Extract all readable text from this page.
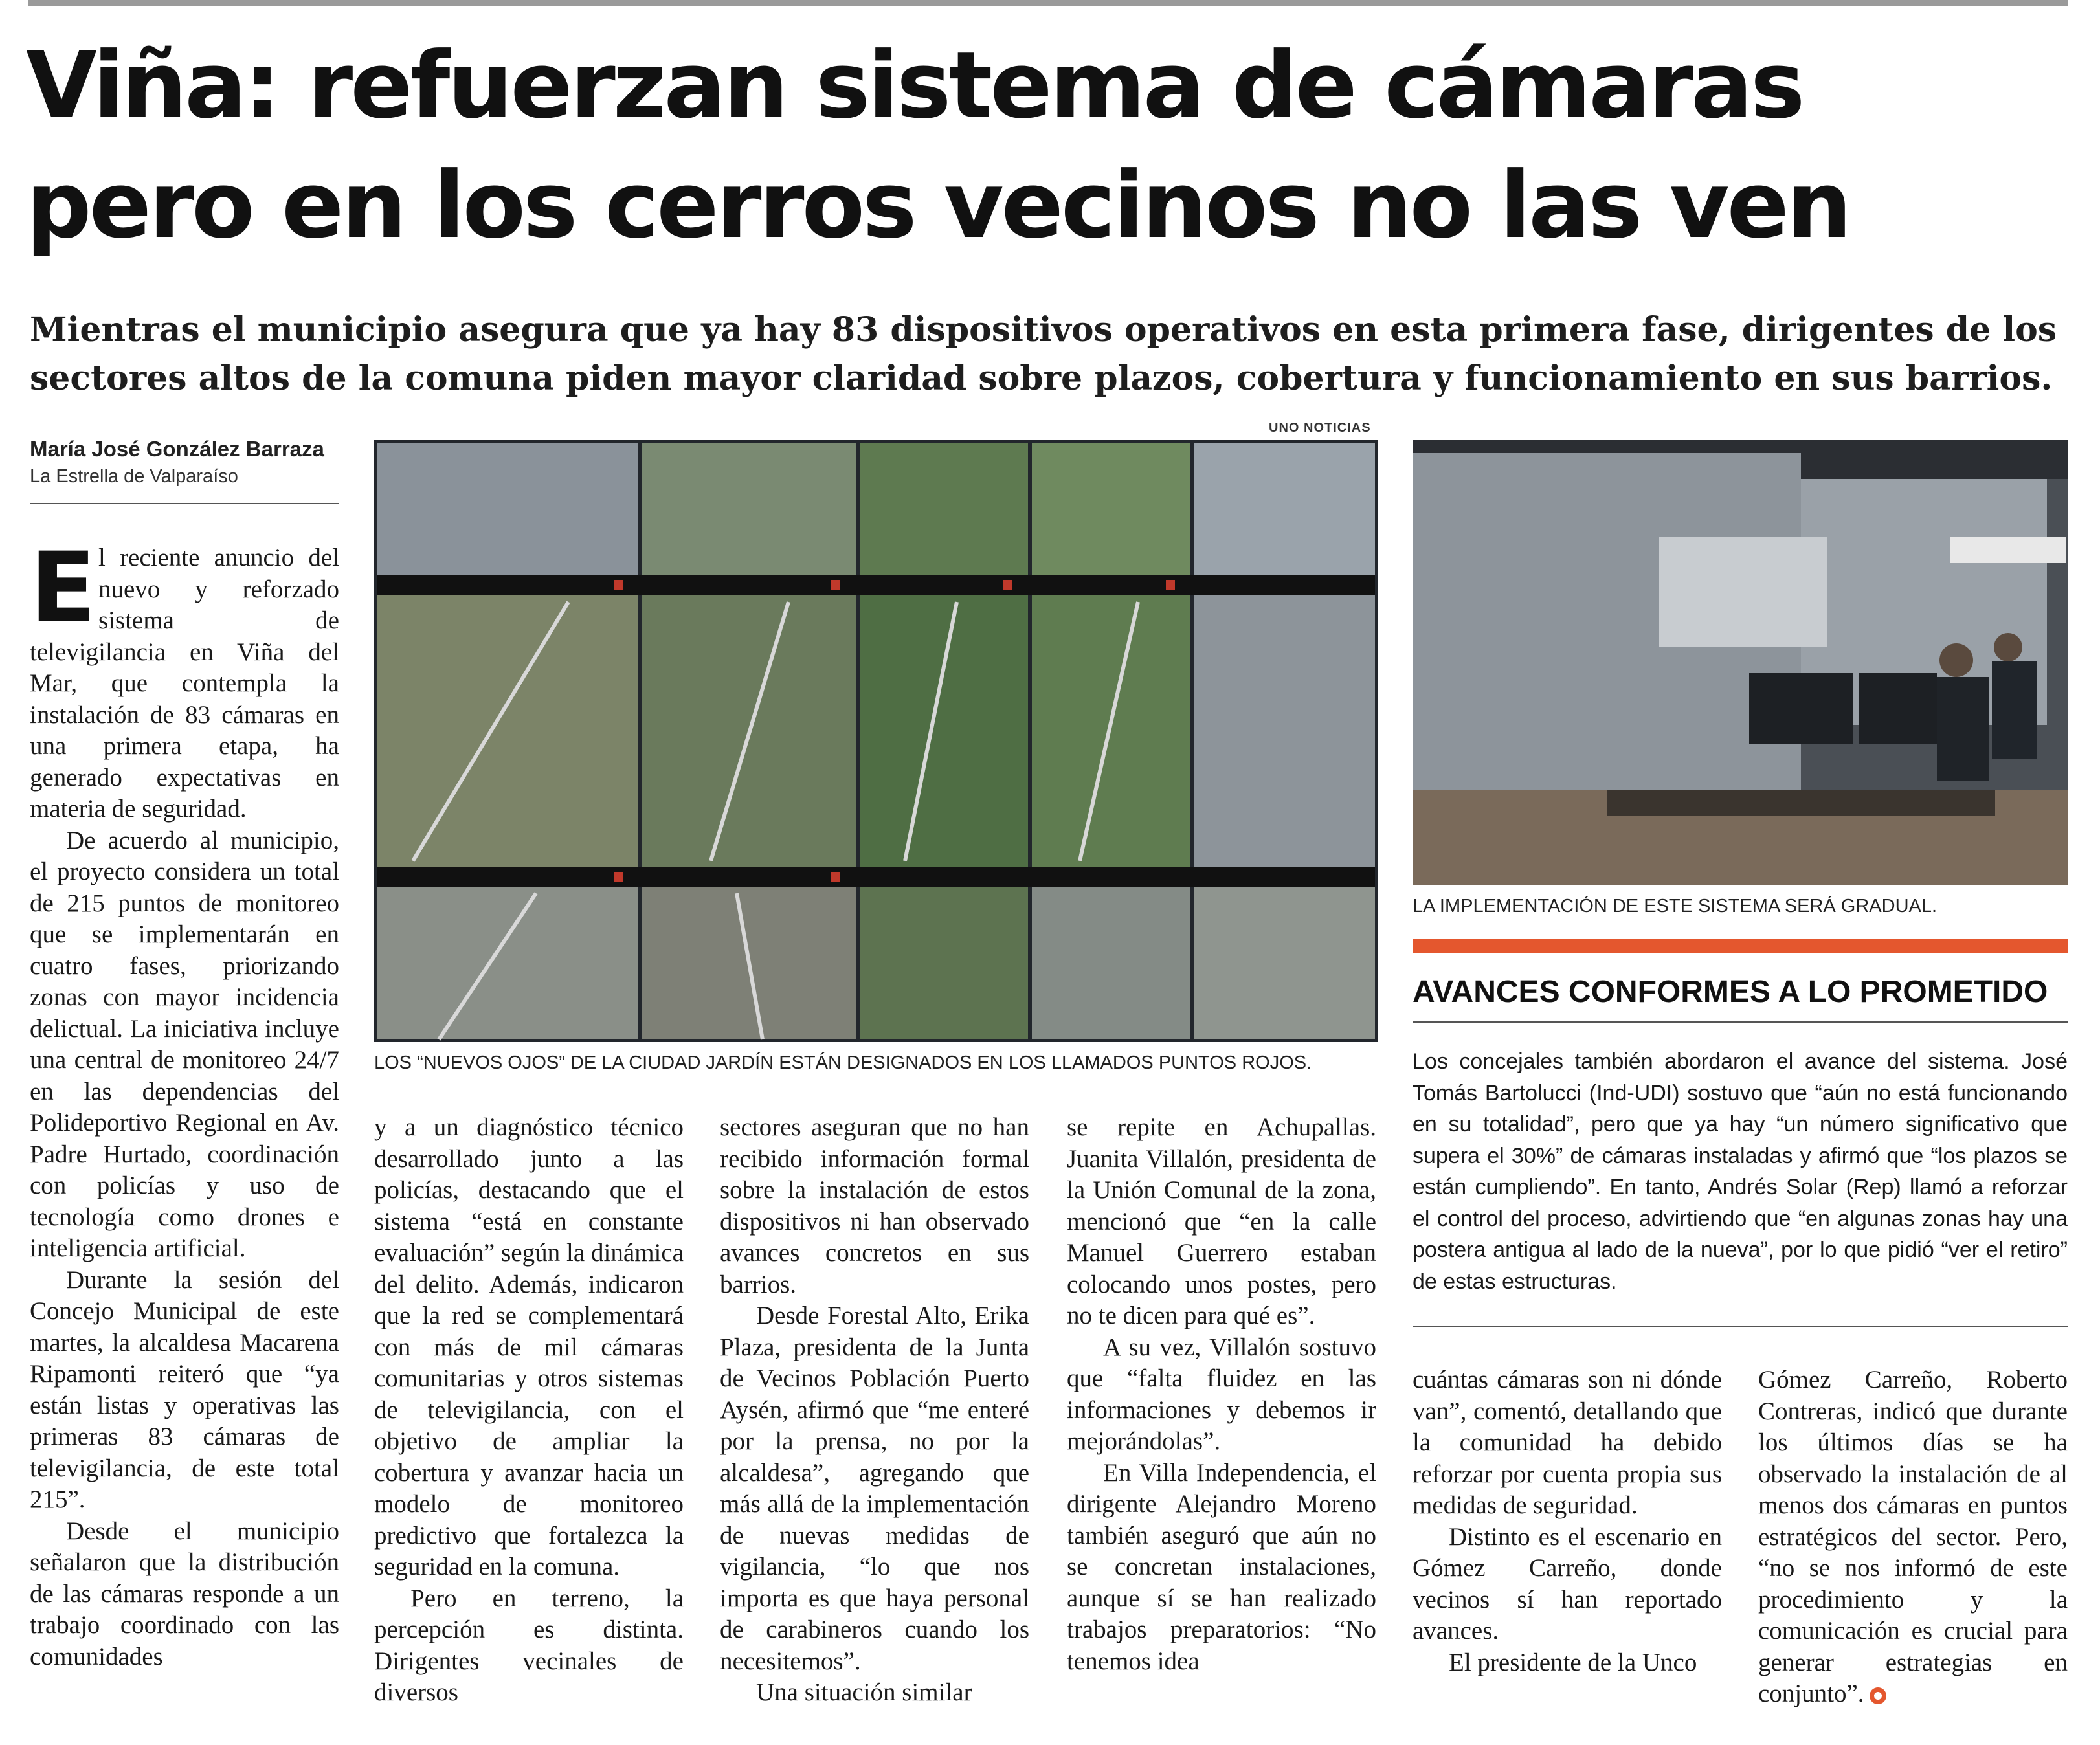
Viña: refuerzan sistema de cámaras
pero en los cerros vecinos no las ven
Mientras el municipio asegura que ya hay 83 dispositivos operativos en esta primera fase, dirigentes de los
sectores altos de la comuna piden mayor claridad sobre plazos, cobertura y funcionamiento en sus barrios.
María José González Barraza
La Estrella de Valparaíso

El reciente anuncio del nuevo y reforzado sistema de televigilancia en Viña del Mar, que contempla la instalación de 83 cámaras en una primera etapa, ha generado expectativas en materia de seguridad.

De acuerdo al municipio, el proyecto considera un total de 215 puntos de monitoreo que se implementarán en cuatro fases, priorizando zonas con mayor incidencia delictual. La iniciativa incluye una central de monitoreo 24/7 en las dependencias del Polideportivo Regional en Av. Padre Hurtado, coordinación con policías y uso de tecnología como drones e inteligencia artificial.

Durante la sesión del Concejo Municipal de este martes, la alcaldesa Macarena Ripamonti reiteró que “ya están listas y operativas las primeras 83 cámaras de televigilancia, de este total 215”.

Desde el municipio señalaron que la distribución de las cámaras responde a un trabajo coordinado con las comunidades

UNO NOTICIAS
LOS “NUEVOS OJOS” DE LA CIUDAD JARDÍN ESTÁN DESIGNADOS EN LOS LLAMADOS PUNTOS ROJOS.

y a un diagnóstico técnico desarrollado junto a las policías, destacando que el sistema “está en constante evaluación” según la dinámica del delito. Además, indicaron que la red se complementará con más de mil cámaras comunitarias y otros sistemas de televigilancia, con el objetivo de ampliar la cobertura y avanzar hacia un modelo de monitoreo predictivo que fortalezca la seguridad en la comuna.

Pero en terreno, la percepción es distinta. Dirigentes vecinales de diversos

sectores aseguran que no han recibido información formal sobre la instalación de estos dispositivos ni han observado avances concretos en sus barrios.

Desde Forestal Alto, Erika Plaza, presidenta de la Junta de Vecinos Población Puerto Aysén, afirmó que “me enteré por la prensa, no por la alcaldesa”, agregando que más allá de la implementación de nuevas medidas de vigilancia, “lo que nos importa es que haya personal de carabineros cuando los necesitemos”.

Una situación similar

se repite en Achupallas. Juanita Villalón, presidenta de la Unión Comunal de la zona, mencionó que “en la calle Manuel Guerrero estaban colocando unos postes, pero no te dicen para qué es”.

A su vez, Villalón sostuvo que “falta fluidez en las informaciones y debemos ir mejorándolas”.

En Villa Independencia, el dirigente Alejandro Moreno también aseguró que aún no se concretan instalaciones, aunque sí se han realizado trabajos preparatorios: “No tenemos idea

LA IMPLEMENTACIÓN DE ESTE SISTEMA SERÁ GRADUAL.
AVANCES CONFORMES A LO PROMETIDO
Los concejales también abordaron el avance del sistema. José Tomás Bartolucci (Ind-UDI) sostuvo que “aún no está funcionando en su totalidad”, pero que ya hay “un número significativo que supera el 30%” de cámaras instaladas y afirmó que “los plazos se están cumpliendo”. En tanto, Andrés Solar (Rep) llamó a reforzar el control del proceso, advirtiendo que “en algunas zonas hay una postera antigua al lado de la nueva”, por lo que pidió “ver el retiro” de estas estructuras.

cuántas cámaras son ni dónde van”, comentó, detallando que la comunidad ha debido reforzar por cuenta propia sus medidas de seguridad.

Distinto es el escenario en Gómez Carreño, donde vecinos sí han reportado avances.

El presidente de la Unco

Gómez Carreño, Roberto Contreras, indicó que durante los últimos días se ha observado la instalación de al menos dos cámaras en puntos estratégicos del sector. Pero, “no se nos informó de este procedimiento y la comunicación es crucial para generar estrategias en conjunto”.
